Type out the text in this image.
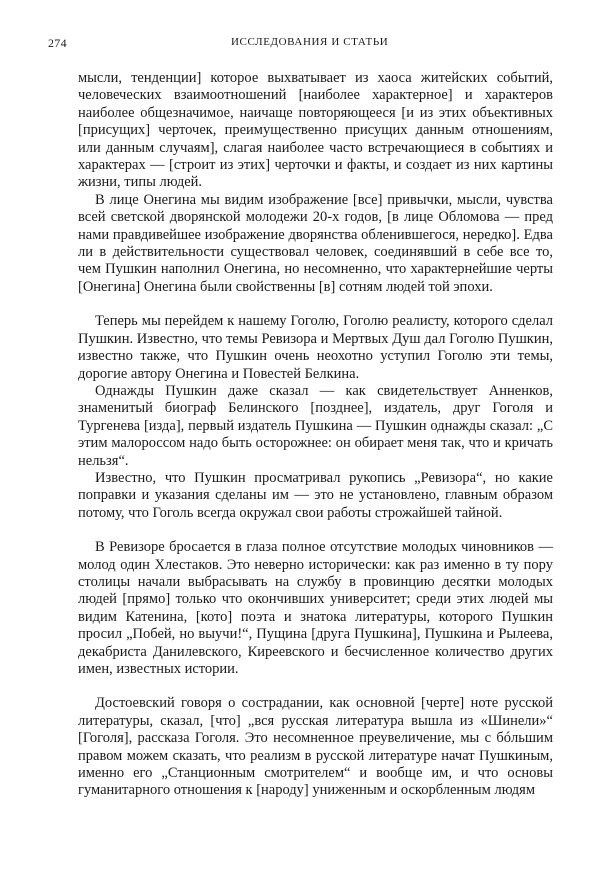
274	ИССЛЕДОВАНИЯ И СТАТЬИ

мысли, тенденции] которое выхватывает из хаоса житейских событий, человеческих взаимоотношений [наиболее характерное] и характеров наиболее общезначимое, наичаще повторяющееся [и из этих объективных [присущих] черточек, преимущественно присущих данным отношениям, или данным случаям], слагая наиболее часто встречающиеся в событиях и характерах — [строит из этих] черточки и факты, и создает из них картины жизни, типы людей.

В лице Онегина мы видим изображение [все] привычки, мысли, чувства всей светской дворянской молодежи 20-х годов, [в лице Обломова — пред нами правдивейшее изображение дворянства обленившегося, нередко]. Едва ли в действительности существовал человек, соединявший в себе все то, чем Пушкин наполнил Онегина, но несомненно, что характернейшие черты [Онегина] Онегина были свойственны [в] сотням людей той эпохи.

Теперь мы перейдем к нашему Гоголю, Гоголю реалисту, которого сделал Пушкин. Известно, что темы Ревизора и Мертвых Душ дал Гоголю Пушкин, известно также, что Пушкин очень неохотно уступил Гоголю эти темы, дорогие автору Онегина и Повестей Белкина.

Однажды Пушкин даже сказал — как свидетельствует Анненков, знаменитый биограф Белинского [позднее], издатель, друг Гоголя и Тургенева [изда], первый издатель Пушкина — Пушкин однажды сказал: „С этим малороссом надо быть осторожнее: он обирает меня так, что и кричать нельзя“.

Известно, что Пушкин просматривал рукопись „Ревизора“, но какие поправки и указания сделаны им — это не установлено, главным образом потому, что Гоголь всегда окружал свои работы строжайшей тайной.

В Ревизоре бросается в глаза полное отсутствие молодых чиновников — молод один Хлестаков. Это неверно исторически: как раз именно в ту пору столицы начали выбрасывать на службу в провинцию десятки молодых людей [прямо] только что окончивших университет; среди этих людей мы видим Катенина, [кото] поэта и знатока литературы, которого Пушкин просил „Побей, но выучи!“, Пущина [друга Пушкина], Пушкина и Рылеева, декабриста Данилевского, Киреевского и бесчисленное количество других имен, известных истории.

Достоевский говоря о сострадании, как основной [черте] ноте русской литературы, сказал, [что] „вся русская литература вышла из «Шинели»“ [Гоголя], рассказа Гоголя. Это несомненное преувеличение, мы с бóльшим правом можем сказать, что реализм в русской литературе начат Пушкиным, именно его „Станционным смотрителем“ и вообще им, и что основы гуманитарного отношения к [народу] униженным и оскорбленным людям
